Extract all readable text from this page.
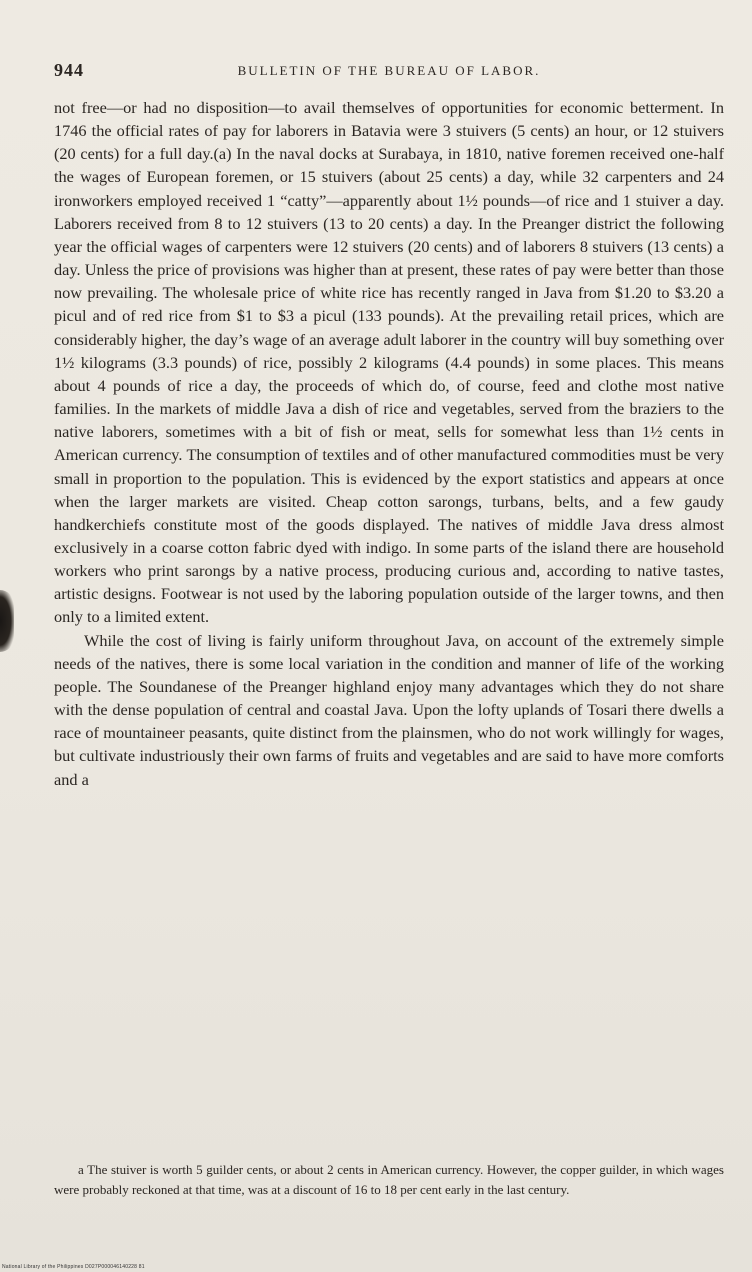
944	BULLETIN OF THE BUREAU OF LABOR.

not free—or had no disposition—to avail themselves of opportunities for economic betterment. In 1746 the official rates of pay for laborers in Batavia were 3 stuivers (5 cents) an hour, or 12 stuivers (20 cents) for a full day.(a) In the naval docks at Surabaya, in 1810, native foremen received one-half the wages of European foremen, or 15 stuivers (about 25 cents) a day, while 32 carpenters and 24 ironworkers employed received 1 “catty”—apparently about 1½ pounds—of rice and 1 stuiver a day. Laborers received from 8 to 12 stuivers (13 to 20 cents) a day. In the Preanger district the following year the official wages of carpenters were 12 stuivers (20 cents) and of laborers 8 stuivers (13 cents) a day. Unless the price of provisions was higher than at present, these rates of pay were better than those now prevailing. The wholesale price of white rice has recently ranged in Java from $1.20 to $3.20 a picul and of red rice from $1 to $3 a picul (133 pounds). At the prevailing retail prices, which are considerably higher, the day’s wage of an average adult laborer in the country will buy something over 1½ kilograms (3.3 pounds) of rice, possibly 2 kilograms (4.4 pounds) in some places. This means about 4 pounds of rice a day, the proceeds of which do, of course, feed and clothe most native families. In the markets of middle Java a dish of rice and vegetables, served from the braziers to the native laborers, sometimes with a bit of fish or meat, sells for somewhat less than 1½ cents in American currency. The consumption of textiles and of other manufactured commodities must be very small in proportion to the population. This is evidenced by the export statistics and appears at once when the larger markets are visited. Cheap cotton sarongs, turbans, belts, and a few gaudy handkerchiefs constitute most of the goods displayed. The natives of middle Java dress almost exclusively in a coarse cotton fabric dyed with indigo. In some parts of the island there are household workers who print sarongs by a native process, producing curious and, according to native tastes, artistic designs. Footwear is not used by the laboring population outside of the larger towns, and then only to a limited extent.

While the cost of living is fairly uniform throughout Java, on account of the extremely simple needs of the natives, there is some local variation in the condition and manner of life of the working people. The Soundanese of the Preanger highland enjoy many advantages which they do not share with the dense population of central and coastal Java. Upon the lofty uplands of Tosari there dwells a race of mountaineer peasants, quite distinct from the plainsmen, who do not work willingly for wages, but cultivate industriously their own farms of fruits and vegetables and are said to have more comforts and a

a The stuiver is worth 5 guilder cents, or about 2 cents in American currency. However, the copper guilder, in which wages were probably reckoned at that time, was at a discount of 16 to 18 per cent early in the last century.

National Library of the Philippines D027P000046140228 81
